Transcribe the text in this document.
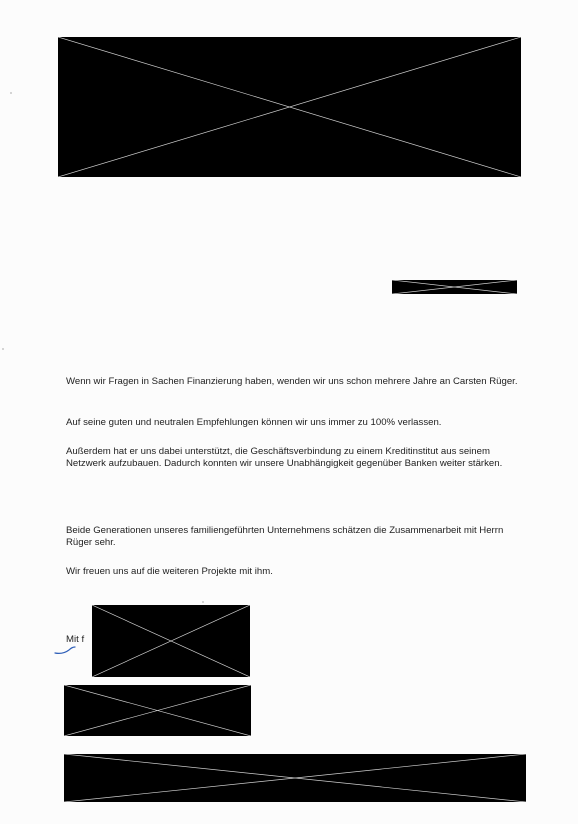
Wenn wir Fragen in Sachen Finanzierung haben, wenden wir uns schon mehrere Jahre an Carsten Rüger.

Auf seine guten und neutralen Empfehlungen können wir uns immer zu 100% verlassen.

Außerdem hat er uns dabei unterstützt, die Geschäftsverbindung zu einem Kreditinstitut aus seinem Netzwerk aufzubauen. Dadurch konnten wir unsere Unabhängigkeit gegenüber Banken weiter stärken.

Beide Generationen unseres familiengeführten Unternehmens schätzen die Zusammenarbeit mit Herrn Rüger sehr.

Wir freuen uns auf die weiteren Projekte mit ihm.

Mit f
